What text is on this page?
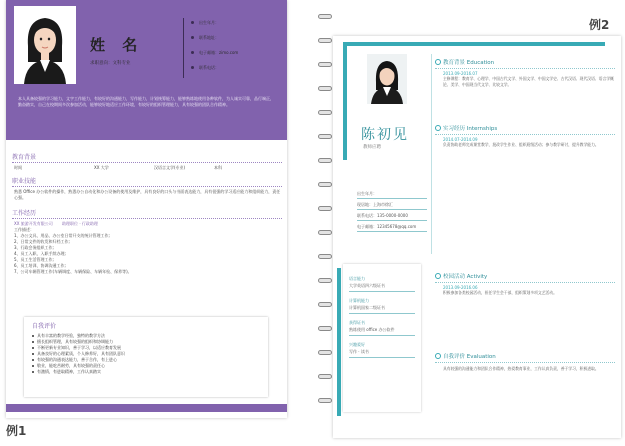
例1
例2
姓 名
求职意向：文科专业
出生年月：
联系地址：
电子邮箱：zimo.com
联系电话：
本人具备较强的学习能力，文字工作能力，有较好的沟通能力，写作能力，计划统筹能力，能够熟练地使用各种软件，为人诚实可靠，品行端正，勤奋踏实，自己在校期间多次参加活动，能够较好地适应工作环境，有较好的组织管理能力，具有较强的团队合作精神。
教育背景
时间	XX 大学	汉语言文学(专业)	本科
职业技能
熟悉 Office 办公软件的操作，熟悉办公自动化和办公设备的使用及维护，具有良好的口头与书面表达能力，具有很强的学习适应能力和组织能力，责任心强。
工作经历
XX 旅游开发有限公司 助理职位 · 行政助理
工作描述：
1、办公文具、用品、办公室日常开支的统计管理工作;
2、日常文件的收发和归档工作;
3、行政会务组织工作;
4、员工入职、入职手续办理;
5、员工生活管理工作;
6、员工培训、协调沟通工作;
7、公司车辆管理工作(车辆调度、车辆保险、车辆年检、保养等)。
自我评价
具有丰富的教学经验，独特的教学方法
擅长组织管理，具有较强的组织和协调能力
不断更新专业知识，善于学习，以适应教育发展
具备良好的心理素质，个人修养好，具有团队意识
有较强的沟通表达能力，善于合作，有上进心
敬业，能吃苦耐劳，具有较强的责任心
有激情，有进取精神，工作认真踏实
陈初见
教师应聘
出生年月：
现居地：上海市徐汇
联系电话：135-0000-0000
电子邮箱：12345678@qq.com
语言能力
大学英语四六级证书
计算机能力
计算机国家二级证书
获得证书
熟练使用 office 办公软件
兴趣爱好
写作 · 读书
教育背景 Education
2013.09-2016.07
主修课程：教育学、心理学、中国古代文学、外国文学、中国文学史、古代汉语、现代汉语、语言学概论、美学、中国现当代文学、比较文学。
实习经历 Internships
2014.07-2014.09
负责协助老师完成课堂教学，批改学生作业、组织班级活动；参与教学研讨，提升教学能力。
校园活动 Activity
2013.09-2016.06
积极参加各类校园活动，担任学生会干部，组织策划多项文艺活动。
自我评价 Evaluation
具有较强的沟通能力和团队合作精神，热爱教育事业，工作认真负责，善于学习，积极进取。
